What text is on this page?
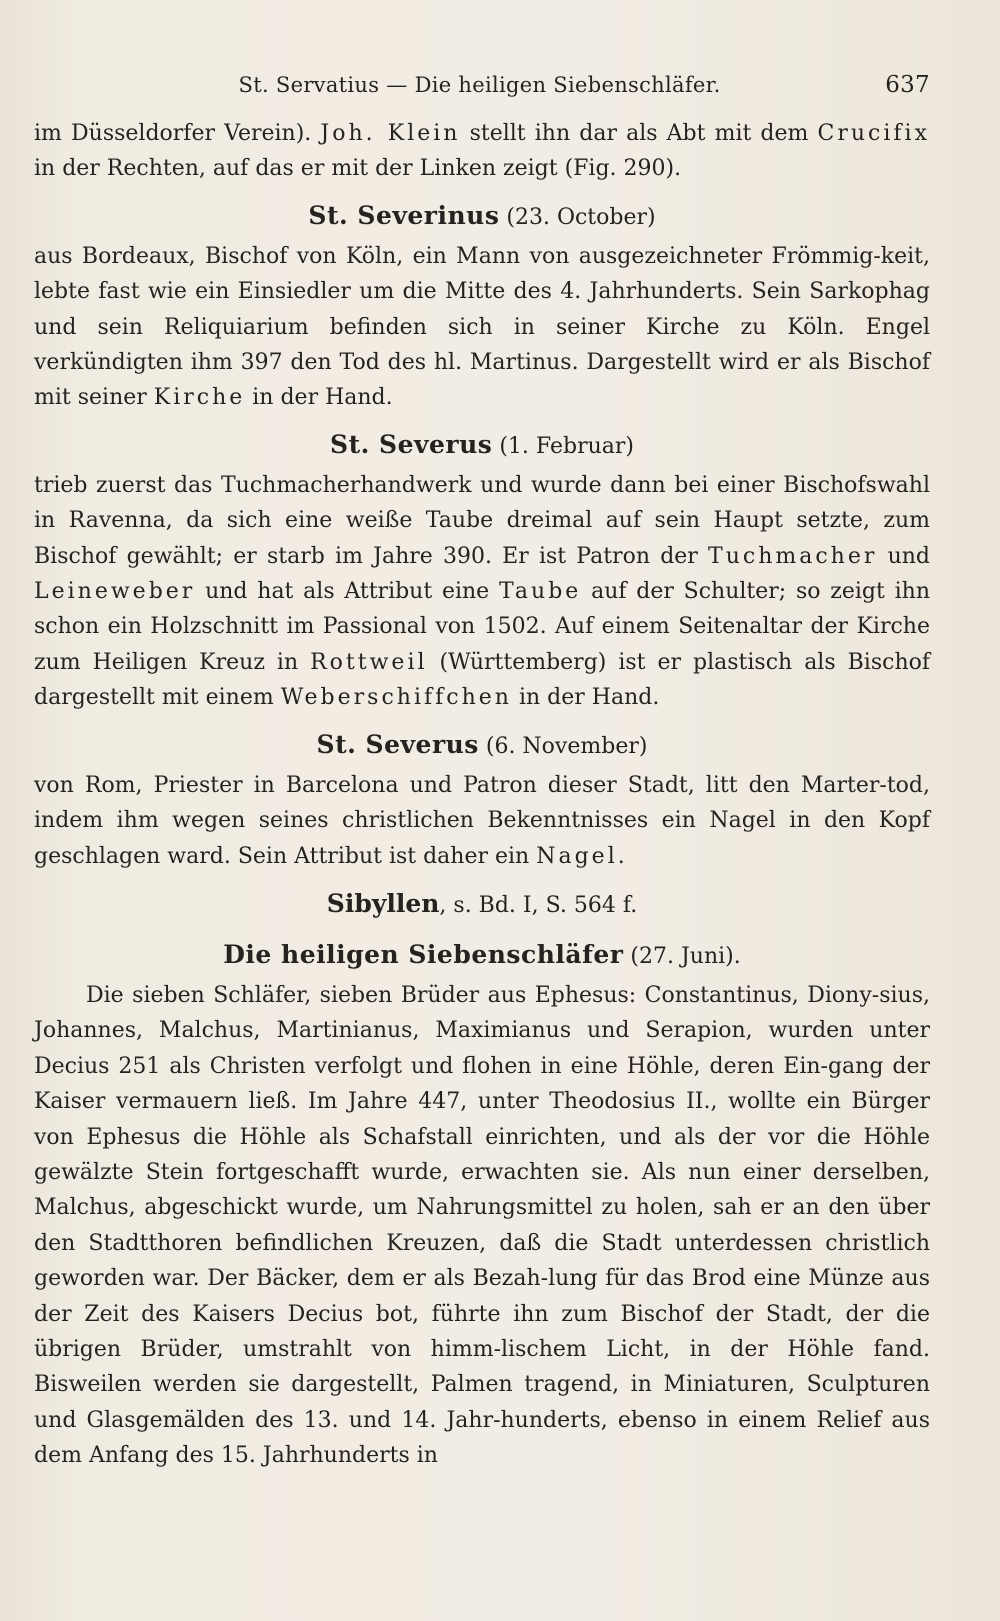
St. Servatius — Die heiligen Siebenschläfer.	637

im Düsseldorfer Verein). Joh. Klein stellt ihn dar als Abt mit dem Crucifix in der Rechten, auf das er mit der Linken zeigt (Fig. 290).

St. Severinus (23. October)

aus Bordeaux, Bischof von Köln, ein Mann von ausgezeichneter Frömmig-keit, lebte fast wie ein Einsiedler um die Mitte des 4. Jahrhunderts. Sein Sarkophag und sein Reliquiarium befinden sich in seiner Kirche zu Köln. Engel verkündigten ihm 397 den Tod des hl. Martinus. Dargestellt wird er als Bischof mit seiner Kirche in der Hand.

St. Severus (1. Februar)

trieb zuerst das Tuchmacherhandwerk und wurde dann bei einer Bischofswahl in Ravenna, da sich eine weiße Taube dreimal auf sein Haupt setzte, zum Bischof gewählt; er starb im Jahre 390. Er ist Patron der Tuchmacher und Leineweber und hat als Attribut eine Taube auf der Schulter; so zeigt ihn schon ein Holzschnitt im Passional von 1502. Auf einem Seitenaltar der Kirche zum Heiligen Kreuz in Rottweil (Württemberg) ist er plastisch als Bischof dargestellt mit einem Weberschiffchen in der Hand.

St. Severus (6. November)

von Rom, Priester in Barcelona und Patron dieser Stadt, litt den Marter-tod, indem ihm wegen seines christlichen Bekenntnisses ein Nagel in den Kopf geschlagen ward. Sein Attribut ist daher ein Nagel.

Sibyllen, s. Bd. I, S. 564 f.
Die heiligen Siebenschläfer (27. Juni).

Die sieben Schläfer, sieben Brüder aus Ephesus: Constantinus, Diony-sius, Johannes, Malchus, Martinianus, Maximianus und Serapion, wurden unter Decius 251 als Christen verfolgt und flohen in eine Höhle, deren Ein-gang der Kaiser vermauern ließ. Im Jahre 447, unter Theodosius II., wollte ein Bürger von Ephesus die Höhle als Schafstall einrichten, und als der vor die Höhle gewälzte Stein fortgeschafft wurde, erwachten sie. Als nun einer derselben, Malchus, abgeschickt wurde, um Nahrungsmittel zu holen, sah er an den über den Stadtthoren befindlichen Kreuzen, daß die Stadt unterdessen christlich geworden war. Der Bäcker, dem er als Bezah-lung für das Brod eine Münze aus der Zeit des Kaisers Decius bot, führte ihn zum Bischof der Stadt, der die übrigen Brüder, umstrahlt von himm-lischem Licht, in der Höhle fand. Bisweilen werden sie dargestellt, Palmen tragend, in Miniaturen, Sculpturen und Glasgemälden des 13. und 14. Jahr-hunderts, ebenso in einem Relief aus dem Anfang des 15. Jahrhunderts in
